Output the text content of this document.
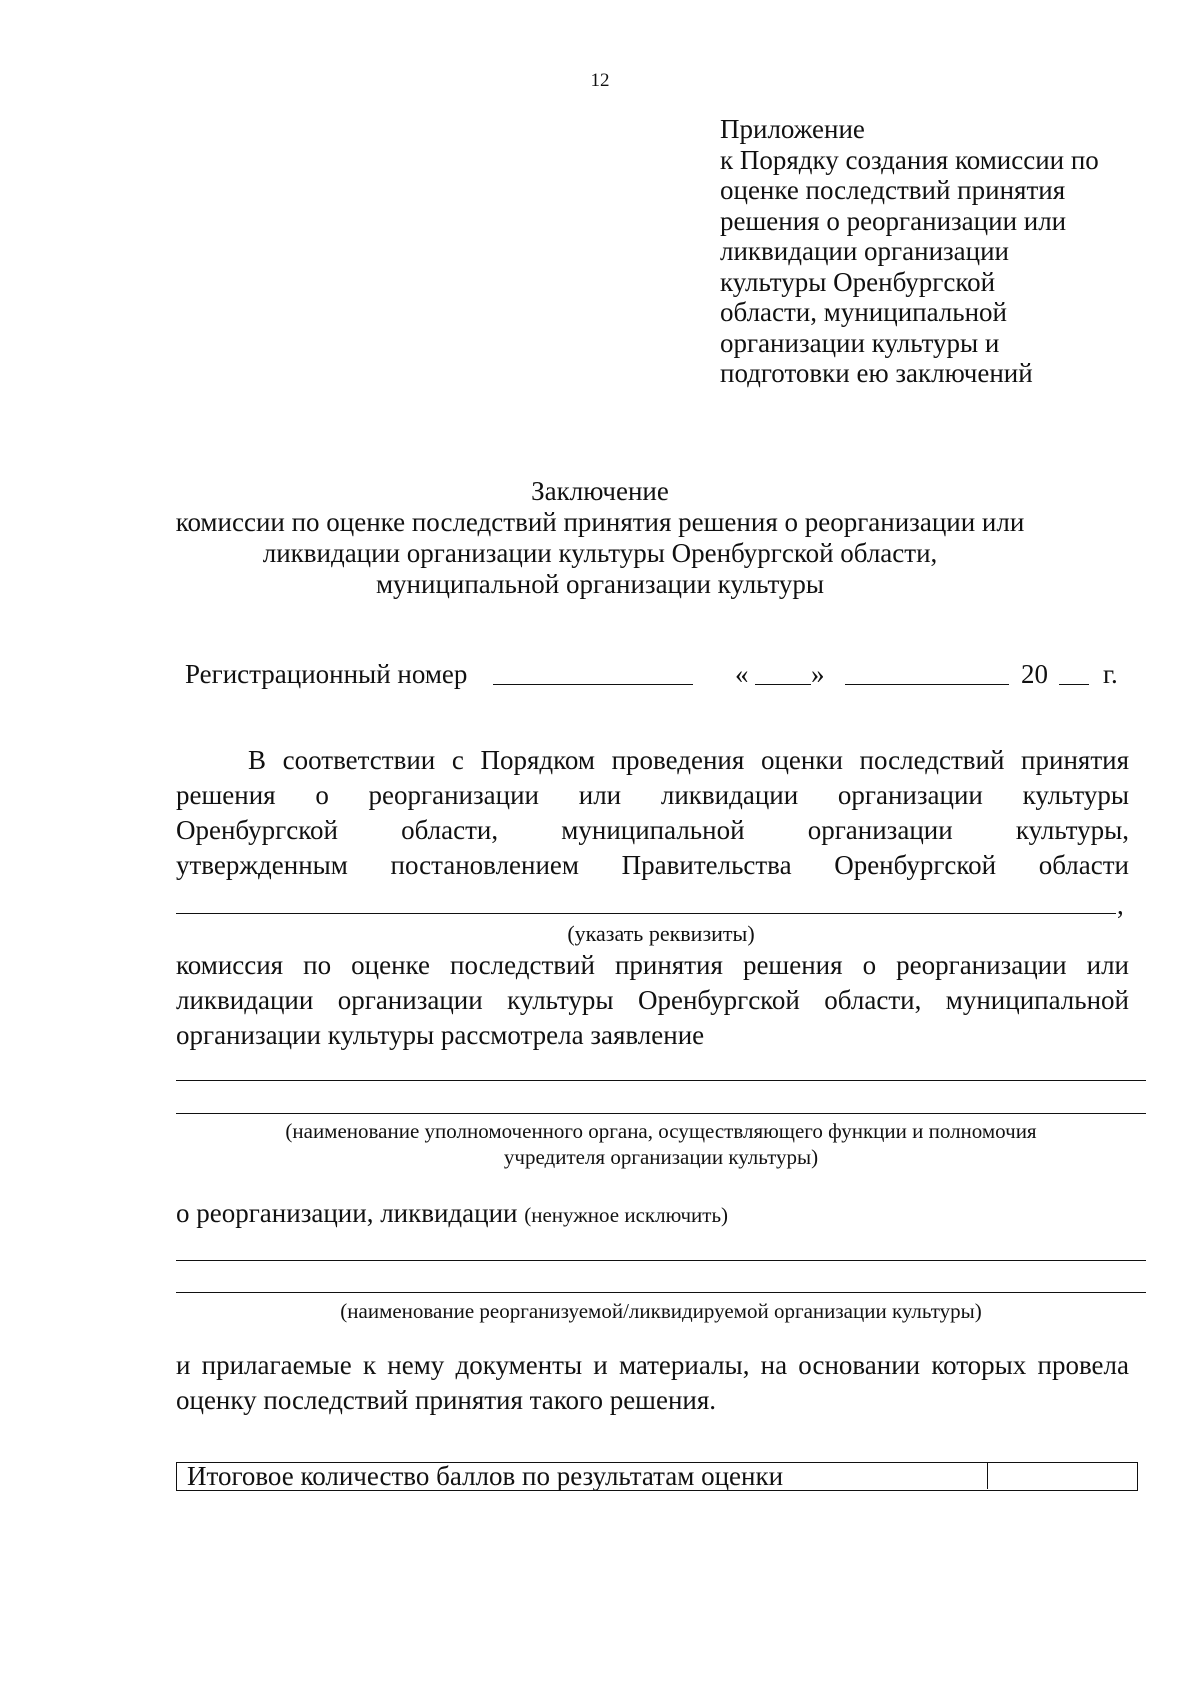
12
Приложение
к Порядку создания комиссии по
оценке последствий принятия
решения о реорганизации или
ликвидации организации
культуры Оренбургской
области, муниципальной
организации культуры и
подготовки ею заключений
Заключение
комиссии по оценке последствий принятия решения о реорганизации или
ликвидации организации культуры Оренбургской области,
муниципальной организации культуры
Регистрационный номер	« »	20 г.
В соответствии с Порядком проведения оценки последствий принятия
решения о реорганизации или ликвидации организации культуры
Оренбургской области, муниципальной организации культуры,
утвержденным постановлением Правительства Оренбургской области
,
(указать реквизиты)
комиссия по оценке последствий принятия решения о реорганизации или
ликвидации организации культуры Оренбургской области, муниципальной
организации культуры рассмотрела заявление
(наименование уполномоченного органа, осуществляющего функции и полномочия
учредителя организации культуры)
о реорганизации, ликвидации (ненужное исключить)
(наименование реорганизуемой/ликвидируемой организации культуры)
и прилагаемые к нему документы и материалы, на основании которых провела
оценку последствий принятия такого решения.
Итоговое количество баллов по результатам оценки
